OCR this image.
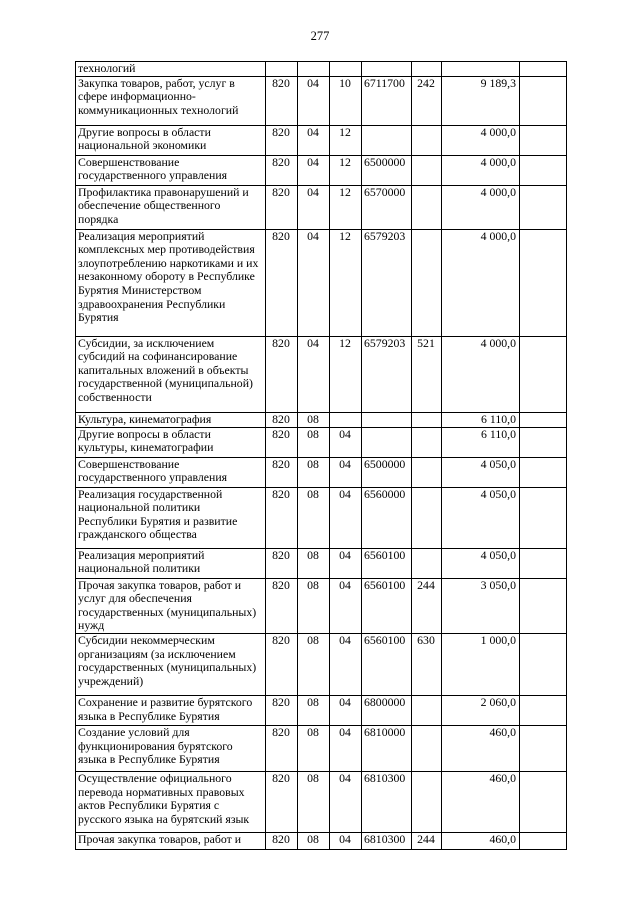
277
технологий							
Закупка товаров, работ, услуг в сфере информационно-коммуникационных технологий	820	04	10	6711700	242	9 189,3	
Другие вопросы в области национальной экономики	820	04	12			4 000,0	
Совершенствование государственного управления	820	04	12	6500000		4 000,0	
Профилактика правонарушений и обеспечение общественного порядка	820	04	12	6570000		4 000,0	
Реализация мероприятий комплексных мер противодействия злоупотреблению наркотиками и их незаконному обороту в Республике Бурятия Министерством здравоохранения Республики Бурятия	820	04	12	6579203		4 000,0	
Субсидии, за исключением субсидий на софинансирование капитальных вложений в объекты государственной (муниципальной) собственности	820	04	12	6579203	521	4 000,0	
Культура, кинематография	820	08				6 110,0	
Другие вопросы в области культуры, кинематографии	820	08	04			6 110,0	
Совершенствование государственного управления	820	08	04	6500000		4 050,0	
Реализация государственной национальной политики Республики Бурятия и развитие гражданского общества	820	08	04	6560000		4 050,0	
Реализация мероприятий национальной политики	820	08	04	6560100		4 050,0	
Прочая закупка товаров, работ и услуг для обеспечения государственных (муниципальных) нужд	820	08	04	6560100	244	3 050,0	
Субсидии некоммерческим организациям (за исключением государственных (муниципальных) учреждений)	820	08	04	6560100	630	1 000,0	
Сохранение и развитие бурятского языка в Республике Бурятия	820	08	04	6800000		2 060,0	
Создание условий для функционирования бурятского языка в Республике Бурятия	820	08	04	6810000		460,0	
Осуществление официального перевода нормативных правовых актов Республики Бурятия с русского языка на бурятский язык	820	08	04	6810300		460,0	
Прочая закупка товаров, работ и	820	08	04	6810300	244	460,0	
